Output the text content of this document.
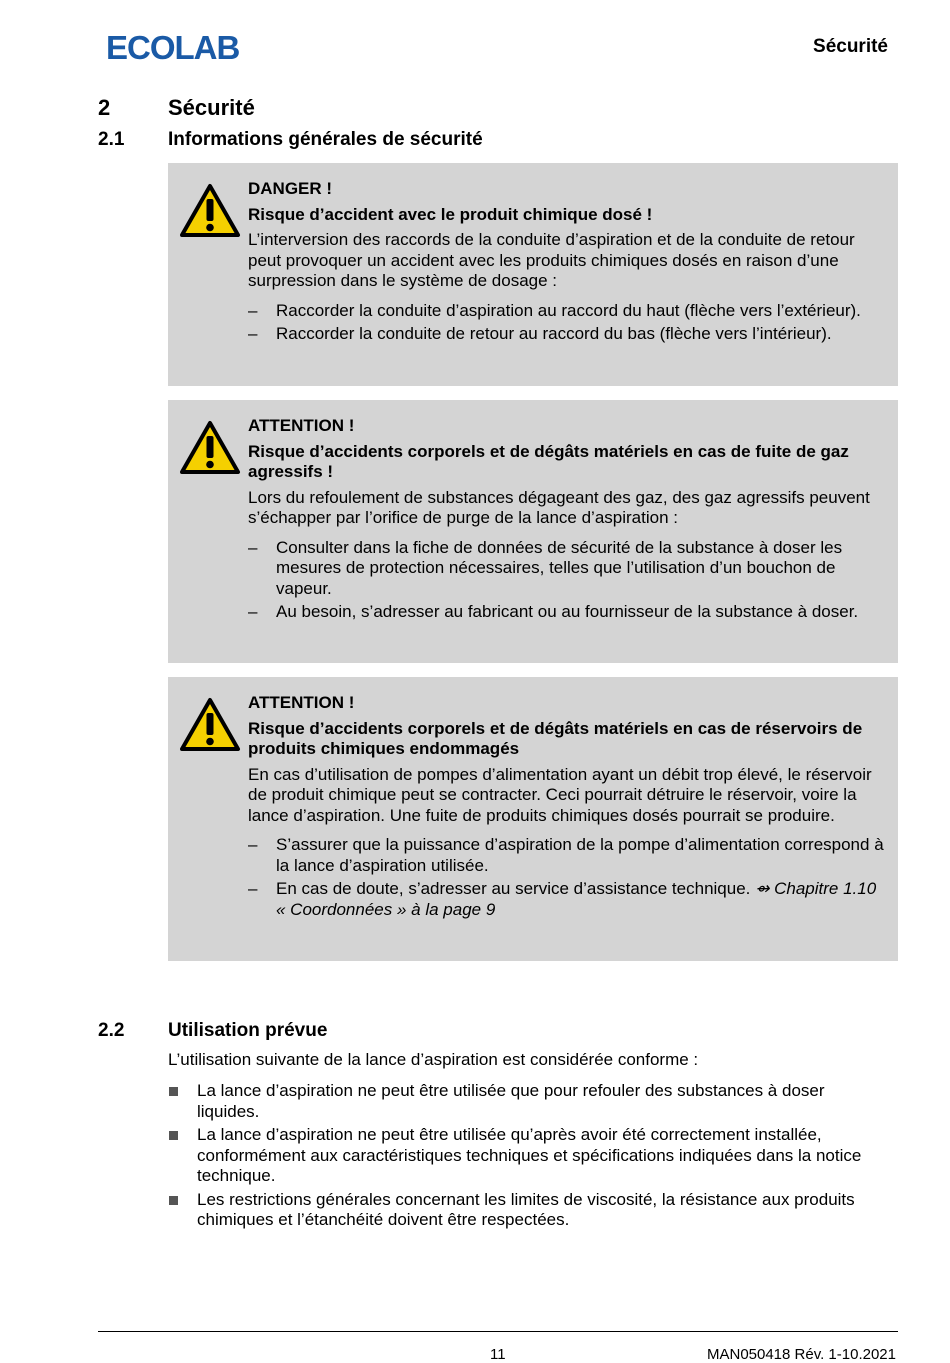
ECOLAB	Sécurité
2	Sécurité
2.1	Informations générales de sécurité
DANGER !
Risque d’accident avec le produit chimique dosé !
L’interversion des raccords de la conduite d’aspiration et de la conduite de retour peut provoquer un accident avec les produits chimiques dosés en raison d’une surpression dans le système de dosage :
– Raccorder la conduite d’aspiration au raccord du haut (flèche vers l’extérieur).
– Raccorder la conduite de retour au raccord du bas (flèche vers l’intérieur).
ATTENTION !
Risque d’accidents corporels et de dégâts matériels en cas de fuite de gaz agressifs !
Lors du refoulement de substances dégageant des gaz, des gaz agressifs peuvent s’échapper par l’orifice de purge de la lance d’aspiration :
– Consulter dans la fiche de données de sécurité de la substance à doser les mesures de protection nécessaires, telles que l’utilisation d’un bouchon de vapeur.
– Au besoin, s’adresser au fabricant ou au fournisseur de la substance à doser.
ATTENTION !
Risque d’accidents corporels et de dégâts matériels en cas de réservoirs de produits chimiques endommagés
En cas d’utilisation de pompes d’alimentation ayant un débit trop élevé, le réservoir de produit chimique peut se contracter. Ceci pourrait détruire le réservoir, voire la lance d’aspiration. Une fuite de produits chimiques dosés pourrait se produire.
– S’assurer que la puissance d’aspiration de la pompe d’alimentation correspond à la lance d’aspiration utilisée.
– En cas de doute, s’adresser au service d’assistance technique. ⇴ Chapitre 1.10 « Coordonnées » à la page 9
2.2	Utilisation prévue
L’utilisation suivante de la lance d’aspiration est considérée conforme :
La lance d’aspiration ne peut être utilisée que pour refouler des substances à doser liquides.
La lance d’aspiration ne peut être utilisée qu’après avoir été correctement installée, conformément aux caractéristiques techniques et spécifications indiquées dans la notice technique.
Les restrictions générales concernant les limites de viscosité, la résistance aux produits chimiques et l’étanchéité doivent être respectées.
11	MAN050418 Rév. 1-10.2021
